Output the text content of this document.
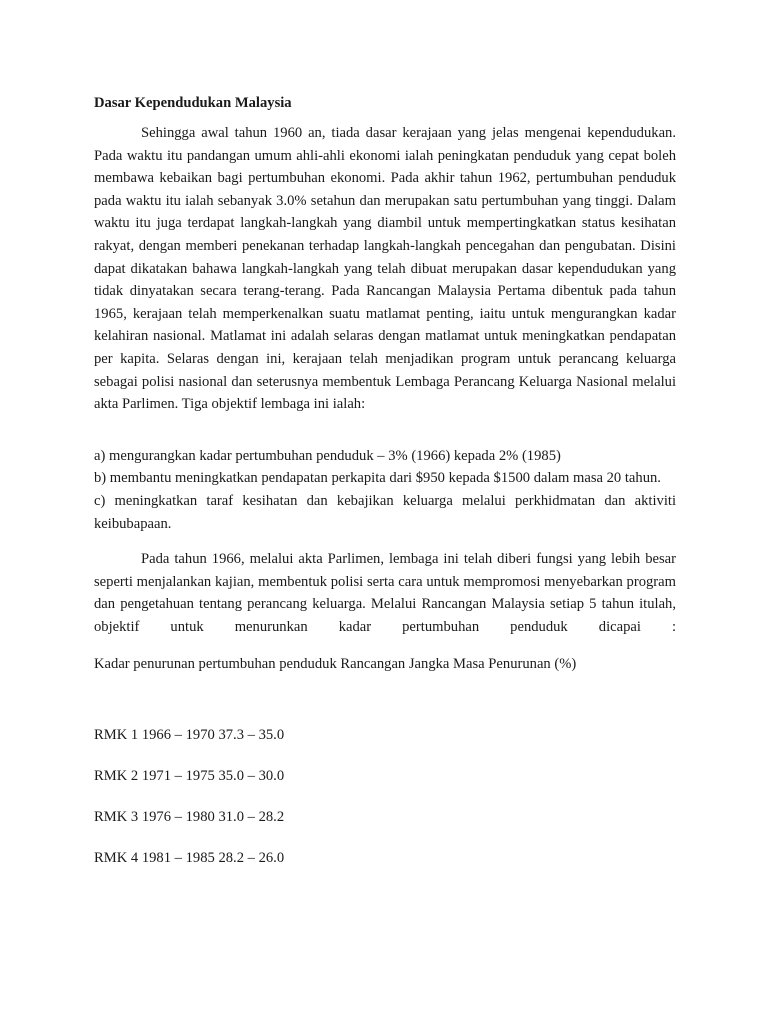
Dasar Kependudukan Malaysia

Sehingga awal tahun 1960 an, tiada dasar kerajaan yang jelas mengenai kependudukan. Pada waktu itu pandangan umum ahli-ahli ekonomi ialah peningkatan penduduk yang cepat boleh membawa kebaikan bagi pertumbuhan ekonomi. Pada akhir tahun 1962, pertumbuhan penduduk pada waktu itu ialah sebanyak 3.0% setahun dan merupakan satu pertumbuhan yang tinggi. Dalam waktu itu juga terdapat langkah-langkah yang diambil untuk mempertingkatkan status kesihatan rakyat, dengan memberi penekanan terhadap langkah-langkah pencegahan dan pengubatan. Disini dapat dikatakan bahawa langkah-langkah yang telah dibuat merupakan dasar kependudukan yang tidak dinyatakan secara terang-terang. Pada Rancangan Malaysia Pertama dibentuk pada tahun 1965, kerajaan telah memperkenalkan suatu matlamat penting, iaitu untuk mengurangkan kadar kelahiran nasional. Matlamat ini adalah selaras dengan matlamat untuk meningkatkan pendapatan per kapita. Selaras dengan ini, kerajaan telah menjadikan program untuk perancang keluarga sebagai polisi nasional dan seterusnya membentuk Lembaga Perancang Keluarga Nasional melalui akta Parlimen. Tiga objektif lembaga ini ialah:

a) mengurangkan kadar pertumbuhan penduduk – 3% (1966) kepada 2% (1985)

b) membantu meningkatkan pendapatan perkapita dari $950 kepada $1500 dalam masa 20 tahun.

c) meningkatkan taraf kesihatan dan kebajikan keluarga melalui perkhidmatan dan aktiviti keibubapaan.

Pada tahun 1966, melalui akta Parlimen, lembaga ini telah diberi fungsi yang lebih besar seperti menjalankan kajian, membentuk polisi serta cara untuk mempromosi menyebarkan program dan pengetahuan tentang perancang keluarga. Melalui Rancangan Malaysia setiap 5 tahun itulah, objektif untuk menurunkan kadar pertumbuhan penduduk dicapai :

Kadar penurunan pertumbuhan penduduk Rancangan Jangka Masa Penurunan (%)

RMK 1 1966 – 1970 37.3 – 35.0

RMK 2 1971 – 1975 35.0 – 30.0

RMK 3 1976 – 1980 31.0 – 28.2

RMK 4 1981 – 1985 28.2 – 26.0
